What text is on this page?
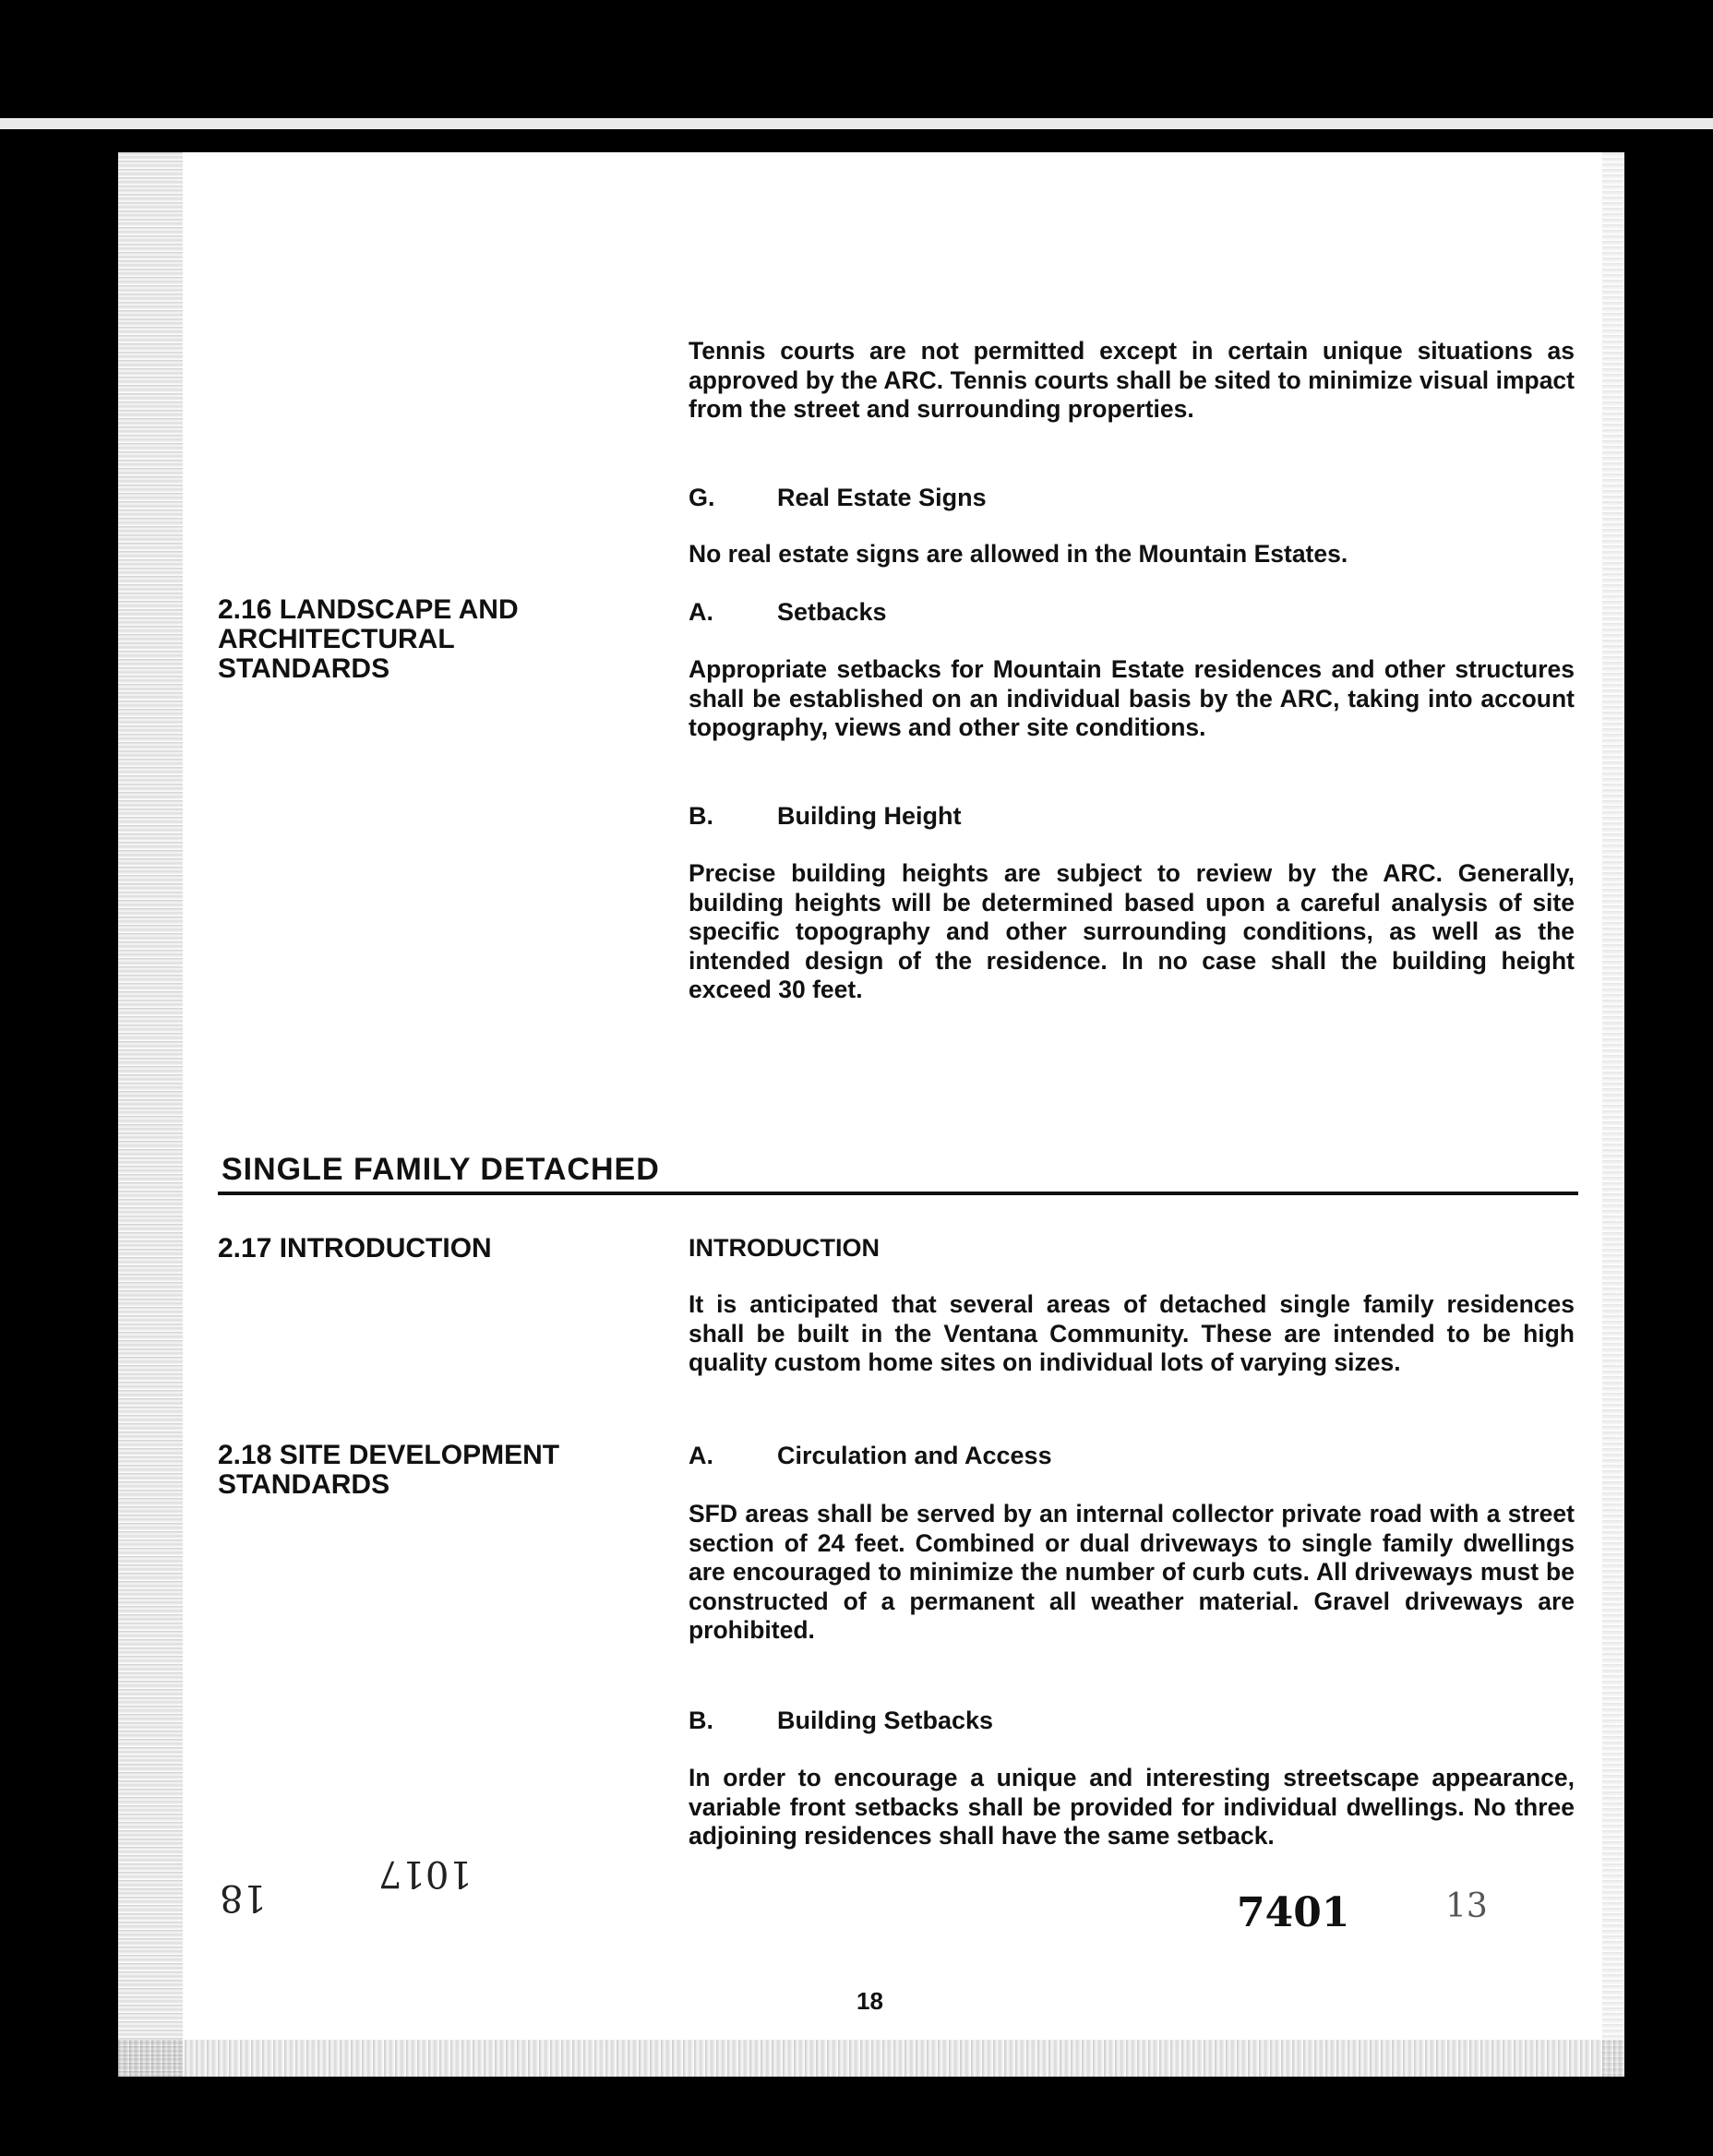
Tennis courts are not permitted except in certain unique situations as approved by the ARC. Tennis courts shall be sited to minimize visual impact from the street and surrounding properties.

G.	Real Estate Signs

No real estate signs are allowed in the Mountain Estates.

2.16 LANDSCAPE AND ARCHITECTURAL STANDARDS

A.	Setbacks

Appropriate setbacks for Mountain Estate residences and other structures shall be established on an individual basis by the ARC, taking into account topography, views and other site conditions.

B.	Building Height

Precise building heights are subject to review by the ARC. Generally, building heights will be determined based upon a careful analysis of site specific topography and other surrounding conditions, as well as the intended design of the residence. In no case shall the building height exceed 30 feet.

SINGLE FAMILY DETACHED

2.17 INTRODUCTION	INTRODUCTION

It is anticipated that several areas of detached single family residences shall be built in the Ventana Community. These are intended to be high quality custom home sites on individual lots of varying sizes.

2.18 SITE DEVELOPMENT STANDARDS

A.	Circulation and Access

SFD areas shall be served by an internal collector private road with a street section of 24 feet. Combined or dual driveways to single family dwellings are encouraged to minimize the number of curb cuts. All driveways must be constructed of a permanent all weather material. Gravel driveways are prohibited.

B.	Building Setbacks

In order to encourage a unique and interesting streetscape appearance, variable front setbacks shall be provided for individual dwellings. No three adjoining residences shall have the same setback.

18
1017
7401	13
18
